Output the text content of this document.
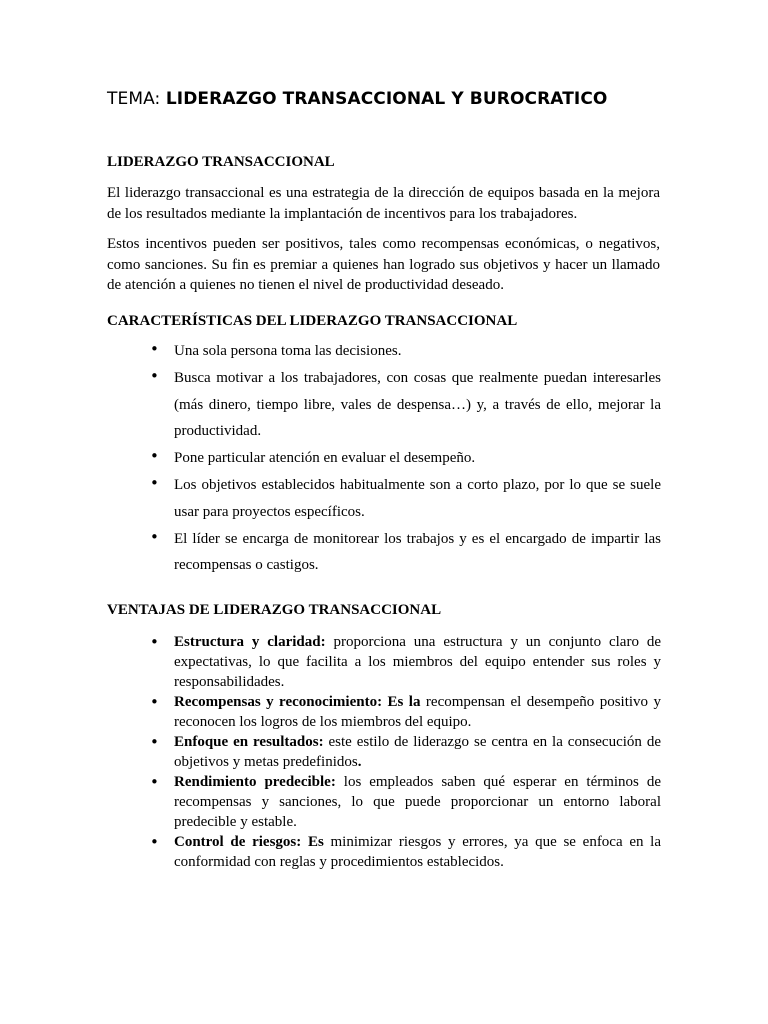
TEMA: LIDERAZGO TRANSACCIONAL Y BUROCRATICO
LIDERAZGO TRANSACCIONAL

El liderazgo transaccional es una estrategia de la dirección de equipos basada en la mejora de los resultados mediante la implantación de incentivos para los trabajadores.

Estos incentivos pueden ser positivos, tales como recompensas económicas, o negativos, como sanciones. Su fin es premiar a quienes han logrado sus objetivos y hacer un llamado de atención a quienes no tienen el nivel de productividad deseado.

CARACTERÍSTICAS DEL LIDERAZGO TRANSACCIONAL
• Una sola persona toma las decisiones.
• Busca motivar a los trabajadores, con cosas que realmente puedan interesarles (más dinero, tiempo libre, vales de despensa…) y, a través de ello, mejorar la productividad.
• Pone particular atención en evaluar el desempeño.
• Los objetivos establecidos habitualmente son a corto plazo, por lo que se suele usar para proyectos específicos.
• El líder se encarga de monitorear los trabajos y es el encargado de impartir las recompensas o castigos.
VENTAJAS DE LIDERAZGO TRANSACCIONAL
• Estructura y claridad: proporciona una estructura y un conjunto claro de expectativas, lo que facilita a los miembros del equipo entender sus roles y responsabilidades.
• Recompensas y reconocimiento: Es la recompensan el desempeño positivo y reconocen los logros de los miembros del equipo.
• Enfoque en resultados: este estilo de liderazgo se centra en la consecución de objetivos y metas predefinidos.
• Rendimiento predecible: los empleados saben qué esperar en términos de recompensas y sanciones, lo que puede proporcionar un entorno laboral predecible y estable.
• Control de riesgos: Es minimizar riesgos y errores, ya que se enfoca en la conformidad con reglas y procedimientos establecidos.
